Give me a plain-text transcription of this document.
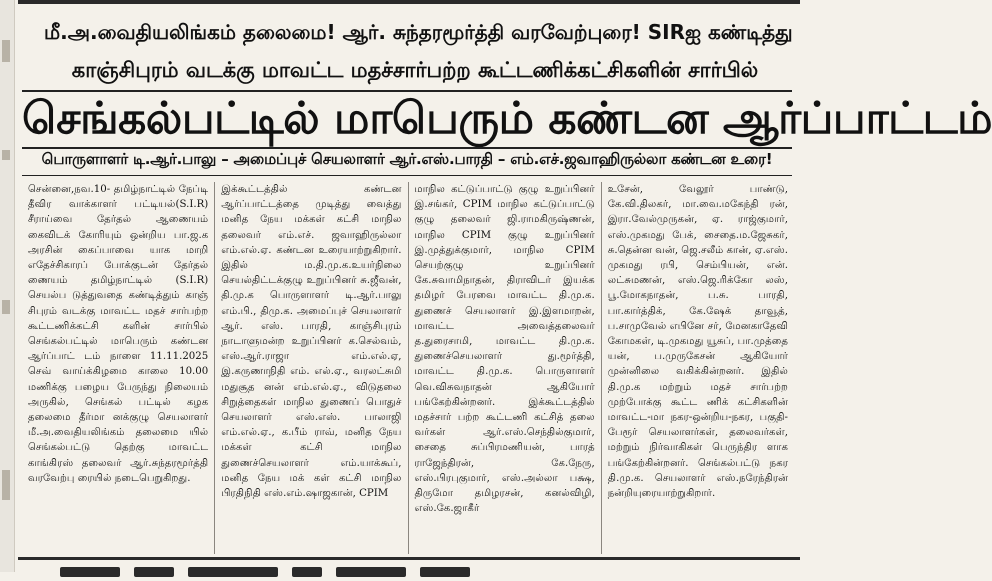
மீ.அ.வைதியலிங்கம் தலைமை! ஆர். சுந்தரமூர்த்தி வரவேற்புரை! SIRஐ கண்டித்து
காஞ்சிபுரம் வடக்கு மாவட்ட மதச்சார்பற்ற கூட்டணிக்கட்சிகளின் சார்பில்
செங்கல்பட்டில் மாபெரும் கண்டன ஆர்ப்பாட்டம்
பொருளாளர் டி.ஆர்.பாலு – அமைப்புச் செயலாளர் ஆர்.எஸ்.பாரதி – எம்.எச்.ஜவாஹிருல்லா கண்டன உரை!
சென்னை,நவ.10- தமிழ்நாட்டில் நேப்டி தீவிர வாக்காளர் பட்டியல்(S.I.R) சீராய்வை தேர்தல் ஆணையம் கைவிடக் கோரியும் ஒன்றிய பா.ஜ.க அரசின் கைப்பாவை யாக மாறி எதேச்சிகாரப் போக்குடன் தேர்தல் ணையம் தமிழ்நாட்டில் (S.I.R) செயல்ப டுத்துவதை கண்டித்தும் காஞ் சிபுரம் வடக்கு மாவட்ட மதச் சார்பற்ற கூட்டணிக்கட்சி களின் சார்பில் செங்கல்பட்டில் மாபெரும் கண்டன ஆர்ப்பாட் டம் நாளை 11.11.2025 செவ் வாய்க்கிழமை காலை 10.00 மணிக்கு பழைய பேருந்து நிலையம் அருகில், செங்கல் பட்டில் கழக தலைமை தீர்மா னக்குழு செயலாளர் மீ.அ.வைதியலிங்கம் தலைமை யில் செங்கல்பட்டு தெற்கு மாவட்ட காங்கிரஸ் தலைவர் ஆர்.சுந்தரமூர்த்தி வரவேற்பு ரையில் நடைபெறுகிறது.
இக்கூட்டத்தில் கண்டன ஆர்ப்பாட்டத்தை முடித்து வைத்து மனித நேய மக்கள் கட்சி மாநில தலைவர் எம்.எச். ஜவாஹிருல்லா எம்.எல்.ஏ. கண்டன உரையாற்றுகிறார். இதில் ம.தி.மு.க.உயர்நிலை செயல்திட்டக்குழு உறுப்பினர் சு.ஜீவன், தி.மு.க பொருளாளர் டி.ஆர்.பாலு எம்.பி., திமு.க. அமைப்புச் செயலாளர் ஆர். எஸ். பாரதி, காஞ்சிபுரம் நாடாளுமன்ற உறுப்பினர் க.செல்வம், எஸ்.ஆர்.ராஜா எம்.எல்.ஏ, இ.கருணாநிதி எம். எல்.ஏ., வரலட்சுமி மதுசூத னன் எம்.எல்.ஏ., விடுதலை சிறுத்தைகள் மாநில துணைப் பொதுச் செயலாளர் எஸ்.எஸ். பாலாஜி எம்.எல்.ஏ., க.பீம் ராவ், மனித நேய மக்கள் கட்சி மாநில துணைச்செயலாளர் எம்.யாக்கூப், மனித நேய மக் கள் கட்சி மாநில பிரதிநிதி எஸ்.எம்.ஷாஜகான், CPIM
மாநில கட்டுப்பாட்டு குழு உறுப்பினர் இ.சங்கர், CPIM மாநில கட்டுப்பாட்டு குழு தலைவர் ஜி.ராமகிருஷ்ணன், மாநில CPIM குழு உறுப்பினர் இ.முத்துக்குமார், மாநில CPIM செயற்குழு உறுப்பினர் கே.சுவாமிநாதன், திராவிடர் இயக்க தமிழர் பேரவை மாவட்ட தி.மு.க. துணைச் செயலாளர் இ.இளமாறன், மாவட்ட அவைத்தலைவர் த.துரைசாமி, மாவட்ட தி.மு.க. துணைச்செயலாளர் து.மூர்த்தி, மாவட்ட தி.மு.க. பொருளாளர் வெ.விசுவநாதன் ஆகியோர் பங்கேற்கின்றனர். இக்கூட்டத்தில் மதச்சார் பற்ற கூட்டணி கட்சித் தலை வர்கள் ஆர்.எஸ்.செந்தில்குமார், சைதை சுப்பிரமணியன், பாரத் ராஜேந்திரன், கே.நேரு, எஸ்.பிரபுகுமார், எஸ்.அல்லா பக்ஷ, திருமோ தமிழரசன், கனல்விழி, எஸ்.கே.ஜாகீர்
உசேன், வேலூர் பாண்டு, கே.வி.திலகர், மா.வை.மகேந்தி ரன், இரா.வேல்முருகன், ஏ. ராஜ்குமார், எஸ்.முகமது பேக், சைதை.ம.ஜேசுகர், சு.தென்ன வன், ஜெ.சலீம் கான், ஏ.எஸ். முகமது ரபி, செம்பியன், என். லட்சுமணன், எஸ்.ஜெ.ரிக்கோ லஸ், பூ.மோகநாதன், ப.சு. பாரதி, பா.கார்த்திக், கே.ஷேக் தாவூத், ப.சாமுவேல் எபினே சர், மேனகாதேவி கோமகள், டி.முகமது யூசுப், பா.முத்தை யன், ப.முருகேசன் ஆகியோர் முன்னிலை வகிக்கின்றனர். இதில் தி.மு.க மற்றும் மதச் சார்பற்ற முற்போக்கு கூட்ட ணிக் கட்சிகளின் மாவட்ட-மா நகர-ஒன்றிய-நகர, பகுதி- பேரூர் செயலாளர்கள், தலைவர்கள், மற்றும் நிர்வாகிகள் பெருந்திர ளாக பங்கேற்கின்றனர். செங்கல்பட்டு நகர தி.மு.க. செயலாளர் எஸ்.நரேந்திரன் நன்றியுரையாற்றுகிறார்.
